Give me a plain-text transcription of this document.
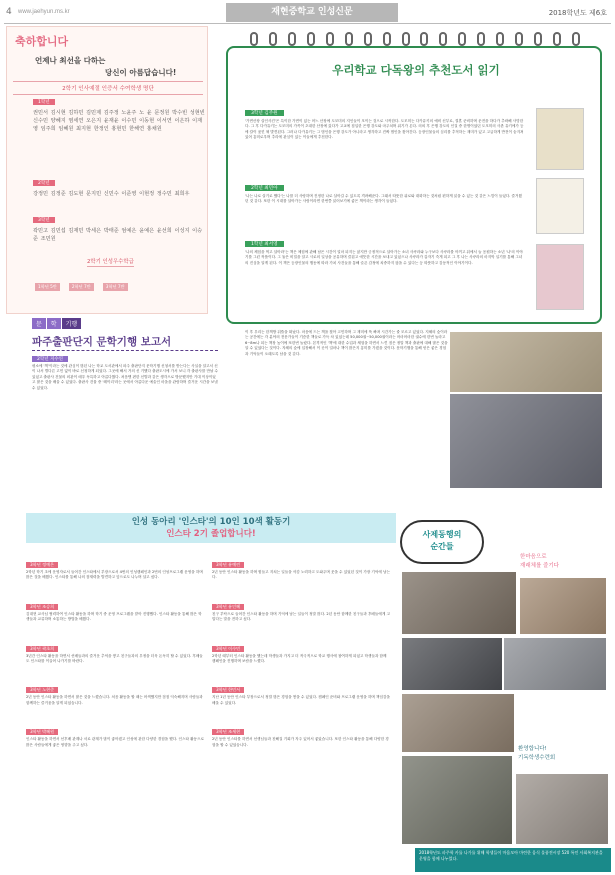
4 www.jaehyun.ms.kr	재현중학교 인성신문	2018학년도 제6호
축하합니다
언제나 최선을 다하는
당신이 아름답습니다!
2학기 인사예절 인증서 수여학생 명단
1학년
권민서 김시현 김하민 김민제 김주정 노윤주 노 윤 문정원 박수빈 성현빈 신수민 양혜지 염세연 오은지 윤재윤 이수민 이동현 이서연 이은하 이재영 임주희 임혜원 최지현 한정인 홍현민 한해연 홍채원
2학년
강정민 김정준 김도현 문지민 신민수 이준영 이현정 정수민 최희우
3학년
곽민고 김민섭 김재민 박세은 박태준 엄예은 윤예은 윤선희 이성지 이승준 조민원
2학기 인성우수학급
1학년 5반	2학년 7반	3학년 7반
우리학교 다독왕의 추천도서 읽기
3학년 김주원
'가면산장 살인사건'은 특이한 가면이 있는 어느 산장에 도모미의 지인들이 모이는 것으로 시작한다. 도모미는 다카유키의 예비 신부로, 결혼 준비하며 운전을 하다가 추락해 사망한다. 그 후 다카유키는 도모미의 가족이 초대한 산장에 갔다가 고교에 침입한 은행 강도와 마주치며 위기가 온다. 의외 후 은행 강도의 인질 중 한명이었던 도모미의 사촌 유키에가 등에 칼이 꽂힌 채 발견된다. 그러나 다카유키는 그 범인을 은행 강도가 아니라고 생각하고 진짜 범인을 찾아간다. 등장인물들의 심리를 추적하는 재미가 있고 고급하게 반전이 숨겨져 있어 흥미로우며 추리에 관심이 있는 이들에게 추천한다.
2학년 최민아
'나는 나로 살기로 했다'는 나를 더 사랑하며 진정한 나로 살아갈 수 있도록 격려해준다. 그래서 따뜻한 위로와 대화하는 것처럼 편하게 읽을 수 있는 것 같은 느낌이 들었다. 즐거웠던 것 같다. 또한 이 시대를 살아가는 사람이라면 한번쯤 읽어보기에 좋은 책이라는 생각이 들었다.
1학년 최서영
'나의 체험을 먹고 살아라'는 책은 체험에 관해 남은 시간이 얼마 되지는 않지만 긍정적으로 살아가는 소녀 사쿠라와 누구보다 사쿠라를 아끼고 뒤에서 늘 응원하는 소년 '나'의 이야기를 그린 작품이다. 그 둘은 비밀을 알고 시로의 일상을 공유하며 즐겁고 애틋한 시간을 보내고 있었으나 사쿠라가 갑자기 죽게 되고 그 후 나는 사쿠라의 마지막 일기를 통해 그녀의 진심을 알게 된다. 이 책은 등장인물의 행동에 따라 가치 사건들을 통해 슬픈 감정에 치중하지 않을 수 있다는 등 따뜻하고 감동적인 이야기이다.
문 학 기행
파주출판단지 문학기행 보고서
2학년 지수연
평소에 '책'이라는 것에 관심이 많던 나는 학교 도서관에서 파주 출판단지 문학기행 신청서를 받는다는 사실을 알고서 신이 나서 별다른 고민 없이 바로 신청하게 되었다. 그곳에 해서 거의 신 기했다 출판도시에 가서 보니 각 출판사를 만날 수 있었고 출판사 건물의 외관이 매우 독특하고 아름다웠다. 처음엔 편한 신발과 같은 생각으로 방문했지만 기대 이상이었고 많은 것을 배울 수 있었다. 출판사 건물 중 '헤이리'라는 곳에서 아름다운 예술인 마을을 관람하며 즐거운 시간을 보낼 수 있었다.
이 후 우리는 한책방 뒤뜰을 떠났다. 마음에 드는 책을 찾아 고민하며 그 재미에 푹 빠져 시간가는 줄 모르고 있었다. 지혜의 숲이라는 공간에는 각 분야의 전문가들이 기증한 책들로 가득 차 있었는데 50,000권~50,000권이라는 어마어마한 권수에 한번 놀라고 6~8m나 되는 책장 높이에 또한번 놀랐다. 본격적인 '책'에 대한 수업과 체험을 하면서 느낀 점은 정말 책과 출판에 대해 많은 것을 알 수 있었다는 것이다. 지혜의 숲에 입장해서 이 곳이 얼마나 책이 많은지 흥미를 가졌을 것이다. 문학기행을 통해 얻은 좋은 경험과 기억들이 오래도록 남을 것 같다.
인성 동아리 '인스타'의 10인 10색 활동기
인스타 2기 졸업합니다!
3학년 정예은
2학년 학기 초에 운영자로서 들어간 인스타에서 부장으로서 4번의 인성캠페인과 2번의 인성프로그램 운영을 하며 많은 것을 배웠다. 인스타를 통해 나의 잠재력을 발견하고 앞으로도 나누며 살고 싶다.
3학년 조승희
김대현 교사님 협력하여 인스타 활동을 하며 학기 중 운영 프로그램을 맡아 진행했다. 인스타 활동을 통해 많은 학생들과 교류하며 소통하는 방법을 배웠다.
3학년 곽초희
3년간 인스타 활동을 하면서 선배들과의 즐거운 추억을 쌓고 친구들과의 우정을 더욱 돈독히 할 수 있었다. 후배들도 인스타를 이끌어 나가기를 바란다.
3학년 노현준
2년 동안 인스타 활동을 하면서 많은 것을 느꼈습니다. 처음 활동을 할 때는 어색했지만 점점 익숙해지며 사람들과 함께하는 즐거움을 알게 되었습니다.
3학년 박혜원
인스타 활동을 하면서 선후배 관계나 서로 관계가 많이 좋아졌고 인성에 관한 다양한 경험을 했다. 인스타 활동으로 많은 사람들에게 좋은 영향을 주고 싶다.
3학년 유예린
2년 동안 인스타 활동을 하며 힘들고 지치는 일들을 삭감 노력하고 도와주며 웃을 수 있었던 것이 가장 기억에 남는다.
3학년 유인혜
친구 부탁으로 들어간 인스타 활동을 하며 기억에 남는 일들이 정말 많다. 2년 동안 함께한 친구들과 후배들에게 고맙다는 말을 전하고 싶다.
3학년 이수민
2학년 때부터 인스타 활동을 했는데 학생들과 가지고 더 적극적으로 학교 행사에 참여하게 되었고 학생들과 함께 캠페인을 진행하며 보람을 느꼈다.
3학년 한민서
지난 1년 동안 인스타 부장으로서 정말 많은 경험을 쌓을 수 있었다. 캠페인 준비와 프로그램 운영을 하며 책임감을 배울 수 있었다.
3학년 조세현
2년 동안 인스타를 하면서 선생님들과 친해질 기회가 자주 있어서 좋았습니다. 또한 인스타 활동을 통해 다양한 경험을 할 수 있었습니다.
사제동행의
순간들
한마음으로
재래체를 즐기다
환영합니다!
기독학생수련회
2018학년도 파주학 카를 나가를 위해 학생들이 마음모아 마련한 음식 물품전시장 520 특인 사회복지관을 운영을 함께 나누었다.
